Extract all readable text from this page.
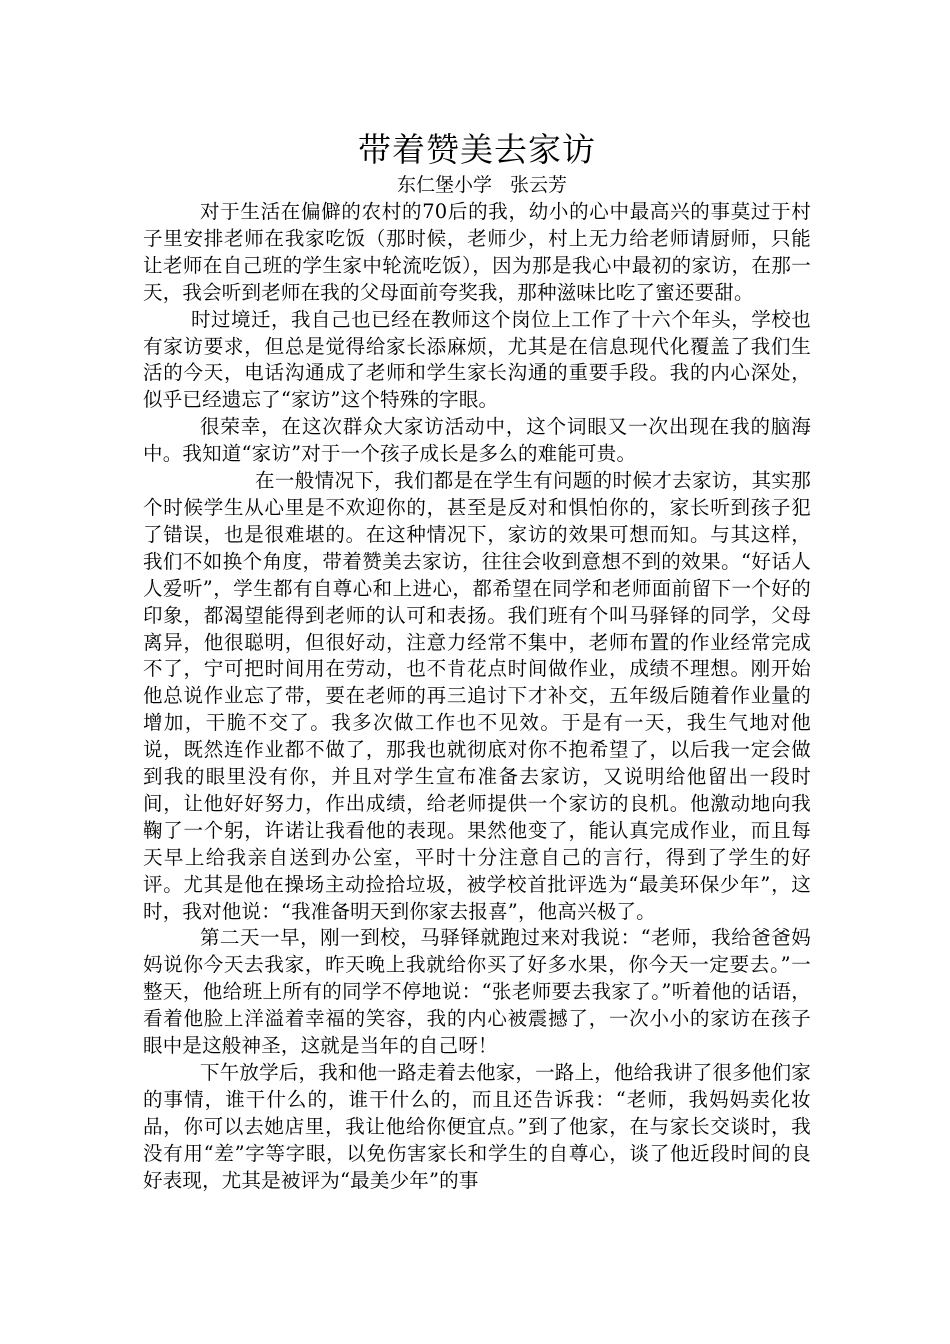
带着赞美去家访

东仁堡小学 张云芳

对于生活在偏僻的农村的70后的我，幼小的心中最高兴的事莫过于村子里安排老师在我家吃饭（那时候，老师少，村上无力给老师请厨师，只能让老师在自己班的学生家中轮流吃饭），因为那是我心中最初的家访，在那一天，我会听到老师在我的父母面前夸奖我，那种滋味比吃了蜜还要甜。

时过境迁，我自己也已经在教师这个岗位上工作了十六个年头，学校也有家访要求，但总是觉得给家长添麻烦，尤其是在信息现代化覆盖了我们生活的今天，电话沟通成了老师和学生家长沟通的重要手段。我的内心深处，似乎已经遗忘了“家访”这个特殊的字眼。

很荣幸，在这次群众大家访活动中，这个词眼又一次出现在我的脑海中。我知道“家访”对于一个孩子成长是多么的难能可贵。

在一般情况下，我们都是在学生有问题的时候才去家访，其实那个时候学生从心里是不欢迎你的，甚至是反对和惧怕你的，家长听到孩子犯了错误，也是很难堪的。在这种情况下，家访的效果可想而知。与其这样，我们不如换个角度，带着赞美去家访，往往会收到意想不到的效果。“好话人人爱听”，学生都有自尊心和上进心，都希望在同学和老师面前留下一个好的印象，都渴望能得到老师的认可和表扬。我们班有个叫马驿铎的同学，父母离异，他很聪明，但很好动，注意力经常不集中，老师布置的作业经常完成不了，宁可把时间用在劳动，也不肯花点时间做作业，成绩不理想。刚开始他总说作业忘了带，要在老师的再三追讨下才补交，五年级后随着作业量的增加，干脆不交了。我多次做工作也不见效。于是有一天，我生气地对他说，既然连作业都不做了，那我也就彻底对你不抱希望了，以后我一定会做到我的眼里没有你，并且对学生宣布准备去家访，又说明给他留出一段时间，让他好好努力，作出成绩，给老师提供一个家访的良机。他激动地向我鞠了一个躬，许诺让我看他的表现。果然他变了，能认真完成作业，而且每天早上给我亲自送到办公室，平时十分注意自己的言行，得到了学生的好评。尤其是他在操场主动捡拾垃圾，被学校首批评选为“最美环保少年”，这时，我对他说：“我准备明天到你家去报喜”，他高兴极了。

第二天一早，刚一到校，马驿铎就跑过来对我说：“老师，我给爸爸妈妈说你今天去我家，昨天晚上我就给你买了好多水果，你今天一定要去。”一整天，他给班上所有的同学不停地说：“张老师要去我家了。”听着他的话语，看着他脸上洋溢着幸福的笑容，我的内心被震撼了，一次小小的家访在孩子眼中是这般神圣，这就是当年的自己呀！

下午放学后，我和他一路走着去他家，一路上，他给我讲了很多他们家的事情，谁干什么的，谁干什么的，而且还告诉我：“老师，我妈妈卖化妆品，你可以去她店里，我让他给你便宜点。”到了他家，在与家长交谈时，我没有用“差”字等字眼，以免伤害家长和学生的自尊心，谈了他近段时间的良好表现，尤其是被评为“最美少年”的事
